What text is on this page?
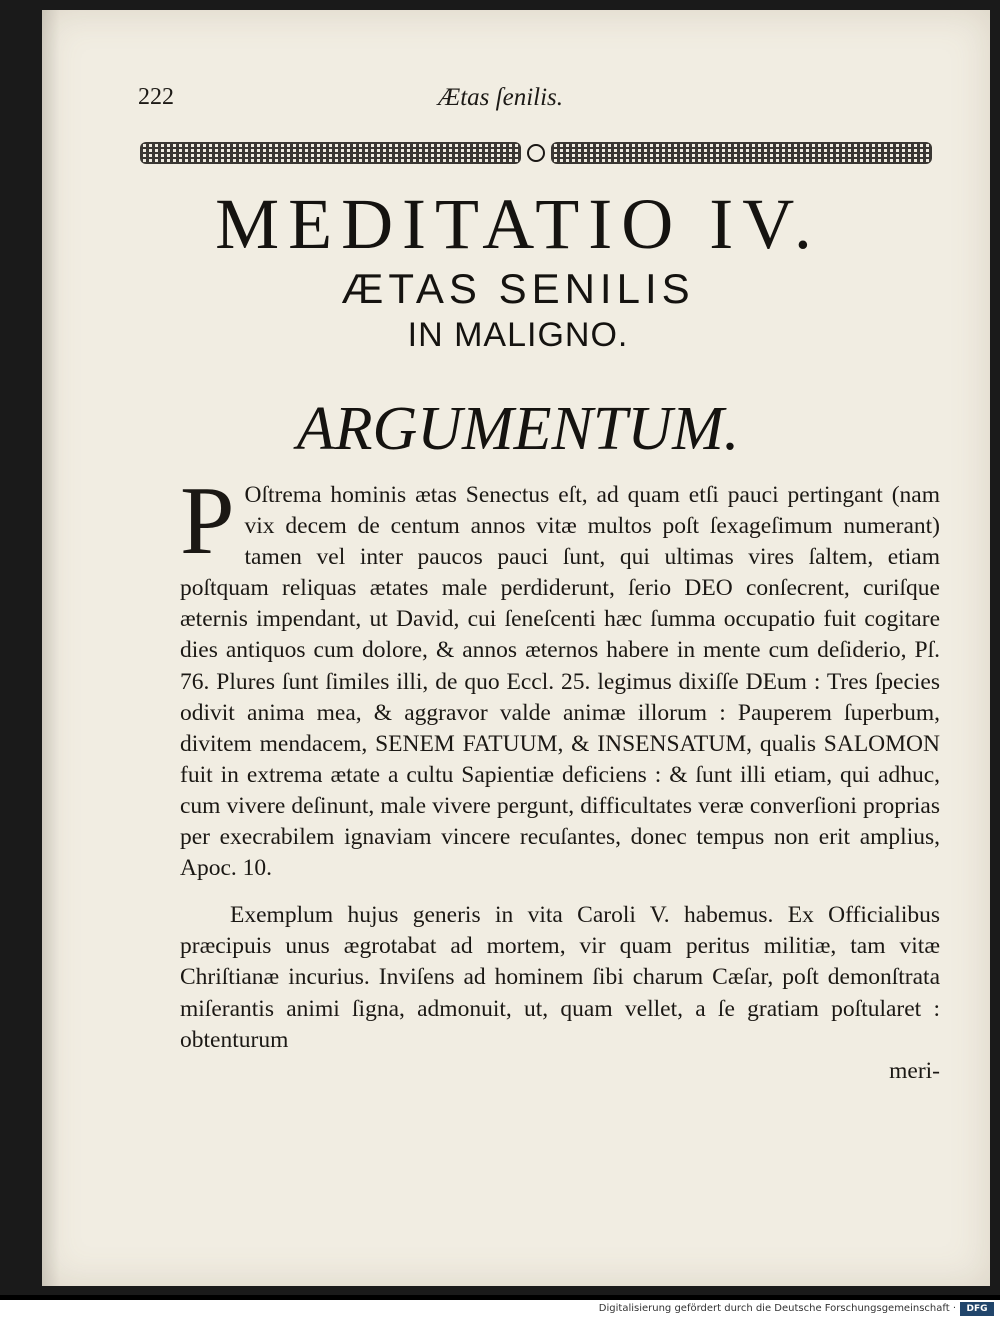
222	Ætas ſenilis.
MEDITATIO IV.
ÆTAS SENILIS
IN MALIGNO.
ARGUMENTUM.
P Oſtrema hominis ætas Senectus eſt, ad quam etſi pauci pertingant (nam vix decem de centum annos vitæ multos poſt ſexageſimum numerant) tamen vel inter paucos pauci ſunt, qui ultimas vires ſaltem, etiam poſtquam reliquas ætates male perdiderunt, ſerio DEO conſecrent, curiſque æternis impendant, ut David, cui ſeneſcenti hæc ſumma occupatio fuit cogitare dies antiquos cum dolore, & annos æternos habere in mente cum deſiderio, Pſ. 76. Plures ſunt ſimiles illi, de quo Eccl. 25. legimus dixiſſe DEum : Tres ſpecies odivit anima mea, & aggravor valde animæ illorum : Pauperem ſuperbum, divitem mendacem, SENEM FATUUM, & INSENSATUM, qualis SALOMON fuit in extrema ætate a cultu Sapientiæ deficiens : & ſunt illi etiam, qui adhuc, cum vivere deſinunt, male vivere pergunt, difficultates veræ converſioni proprias per execrabilem ignaviam vincere recuſantes, donec tempus non erit amplius, Apoc. 10.
Exemplum hujus generis in vita Caroli V. habemus. Ex Officialibus præcipuis unus ægrotabat ad mortem, vir quam peritus militiæ, tam vitæ Chriſtianæ incurius. Inviſens ad hominem ſibi charum Cæſar, poſt demonſtrata miſerantis animi ſigna, admonuit, ut, quam vellet, a ſe gratiam poſtularet : obtenturum
meri-
Digitalisierung gefördert durch die Deutsche Forschungsgemeinschaft ·	DFG
